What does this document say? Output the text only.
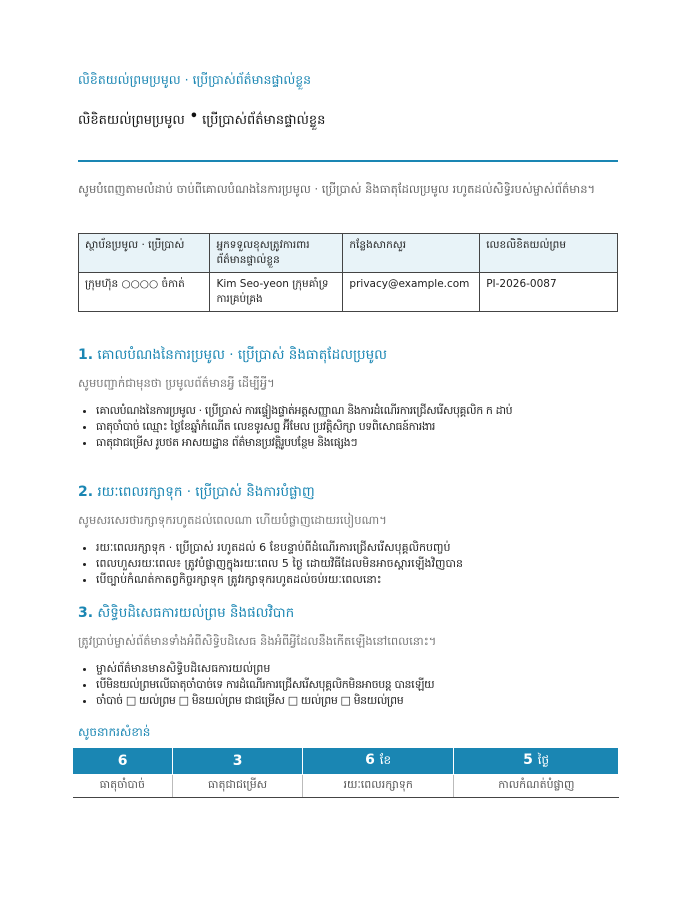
លិខិតយល់ព្រមប្រមូល · ប្រើប្រាស់ព័ត៌មានផ្ទាល់ខ្លួន
លិខិតយល់ព្រមប្រមូល • ប្រើប្រាស់ព័ត៌មានផ្ទាល់ខ្លួន
សូមបំពេញតាមលំដាប់ ចាប់ពីគោលបំណងនៃការប្រមូល · ប្រើប្រាស់ និងធាតុដែលប្រមូល រហូតដល់សិទ្ធិរបស់ម្ចាស់ព័ត៌មាន។
ស្ថាប័នប្រមូល · ប្រើប្រាស់	អ្នកទទួលខុសត្រូវការពារព័ត៌មានផ្ទាល់ខ្លួន	កន្លែងសាកសួរ	លេខលិខិតយល់ព្រម
ក្រុមហ៊ុន ○○○○ ចំកាត់	Kim Seo-yeon ក្រុមគាំទ្រការគ្រប់គ្រង	privacy@example.com	PI-2026-0087
1. គោលបំណងនៃការប្រមូល · ប្រើប្រាស់ និងធាតុដែលប្រមូល
សូមបញ្ជាក់ជាមុនថា ប្រមូលព័ត៌មានអ្វី ដើម្បីអ្វី។
• គោលបំណងនៃការប្រមូល · ប្រើប្រាស់ ការផ្ទៀងផ្ទាត់អត្តសញ្ញាណ និងការដំណើរការជ្រើសរើសបុគ្គលិក ក ដាប់
• ធាតុចាំបាច់ ឈ្មោះ ថ្ងៃខែឆ្នាំកំណើត លេខទូរសព្ទ អ៊ីមែល ប្រវត្តិសិក្សា បទពិសោធន៍ការងារ
• ធាតុជាជម្រើស រូបថត អាសយដ្ឋាន ព័ត៌មានប្រវត្តិរូបបន្ថែម និងផ្សេងៗ
2. រយៈពេលរក្សាទុក · ប្រើប្រាស់ និងការបំផ្លាញ
សូមសរសេរថារក្សាទុករហូតដល់ពេលណា ហើយបំផ្លាញដោយរបៀបណា។
• រយៈពេលរក្សាទុក · ប្រើប្រាស់ រហូតដល់ 6 ខែបន្ទាប់ពីដំណើរការជ្រើសរើសបុគ្គលិកបញ្ចប់
• ពេលហួសរយៈពេល៖ ត្រូវបំផ្លាញក្នុងរយៈពេល 5 ថ្ងៃ ដោយវិធីដែលមិនអាចស្តារឡើងវិញបាន
• បើច្បាប់កំណត់កាតព្វកិច្ចរក្សាទុក ត្រូវរក្សាទុករហូតដល់ចប់រយៈពេលនោះ
3. សិទ្ធិបដិសេធការយល់ព្រម និងផលវិបាក
ត្រូវប្រាប់ម្ចាស់ព័ត៌មានទាំងអំពីសិទ្ធិបដិសេធ និងអំពីអ្វីដែលនឹងកើតឡើងនៅពេលនោះ។
• ម្ចាស់ព័ត៌មានមានសិទ្ធិបដិសេធការយល់ព្រម
• បើមិនយល់ព្រមលើធាតុចាំបាច់ទេ ការដំណើរការជ្រើសរើសបុគ្គលិកមិនអាចបន្ត បានឡើយ
• ចាំបាច់ □ យល់ព្រម □ មិនយល់ព្រម ជាជម្រើស □ យល់ព្រម □ មិនយល់ព្រម
សូចនាករសំខាន់
6	3	6 ខែ	5 ថ្ងៃ
ធាតុចាំបាច់	ធាតុជាជម្រើស	រយៈពេលរក្សាទុក	កាលកំណត់បំផ្លាញ
